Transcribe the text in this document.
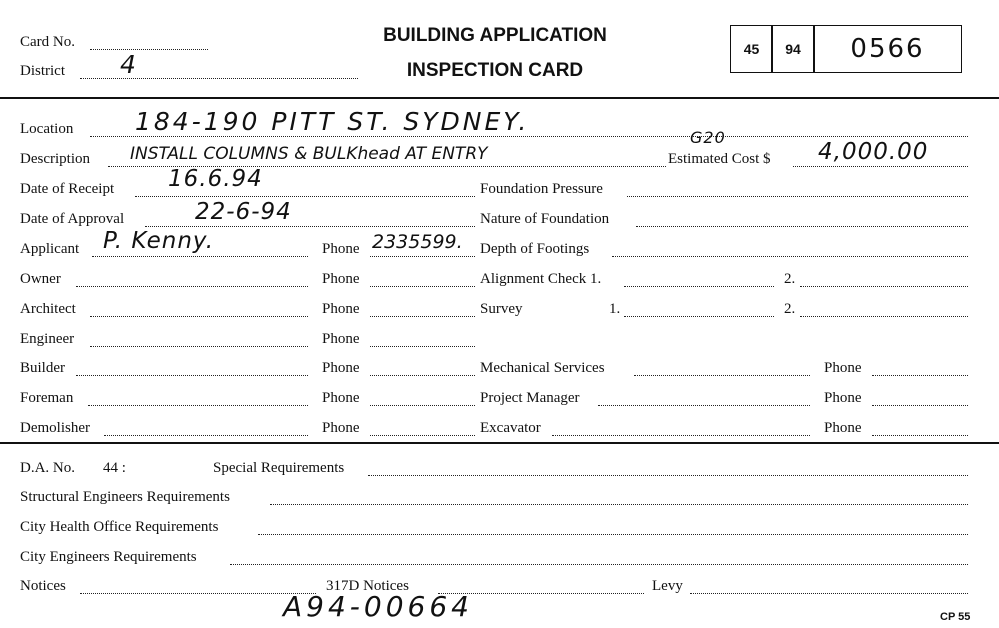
Card No.
District 4
BUILDING APPLICATION
INSPECTION CARD
45 94 0566
Location 184-190 PITT ST. SYDNEY.
Description INSTALL COLUMNS & BULKhead AT ENTRY
G20
Estimated Cost $ 4,000.00
Date of Receipt 16.6.94
Date of Approval	22-6-94
Applicant P. Kenny.	Phone 2335599.
Owner	Phone
Architect	Phone
Engineer	Phone
Builder	Phone
Foreman	Phone
Demolisher	Phone
Foundation Pressure
Nature of Foundation
Depth of Footings
Alignment Check 1.	2.
Survey	1.	2.
Mechanical Services	Phone
Project Manager	Phone
Excavator	Phone
D.A. No. 44 :	Special Requirements
Structural Engineers Requirements
City Health Office Requirements
City Engineers Requirements
Notices	317D Notices	Levy
A94-00664	CP 55
